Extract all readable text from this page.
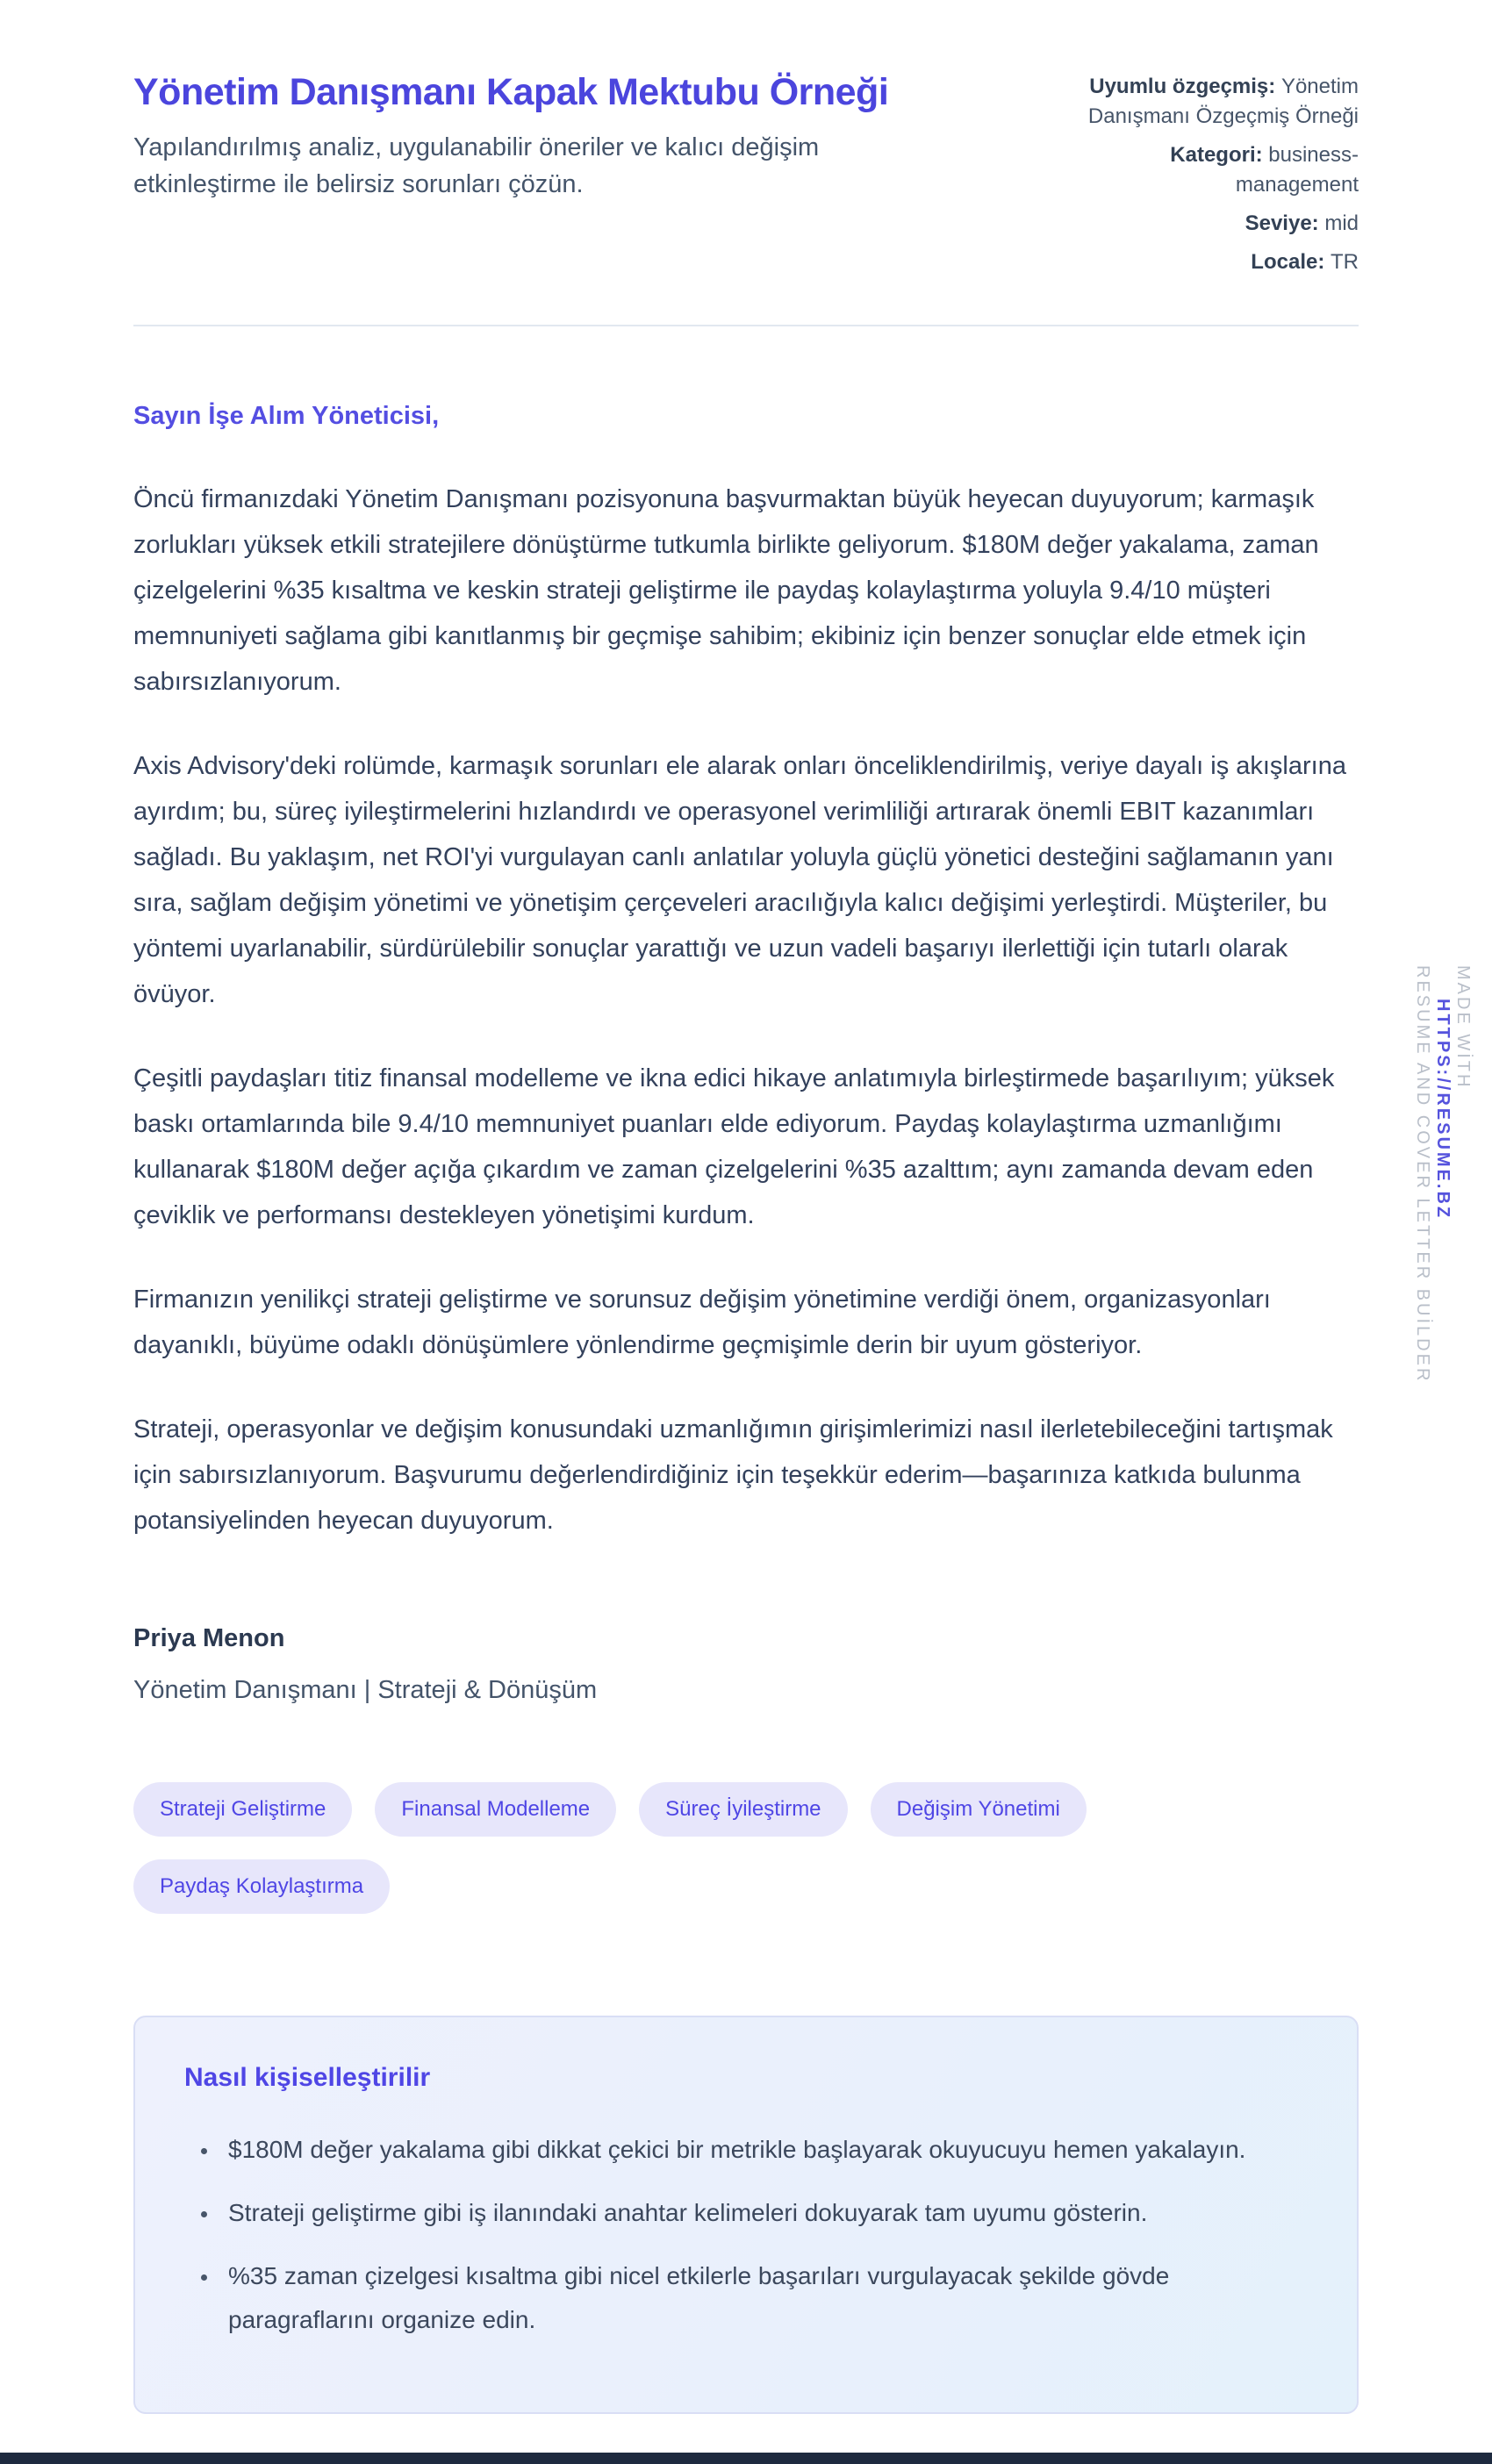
Yönetim Danışmanı Kapak Mektubu Örneği

Yapılandırılmış analiz, uygulanabilir öneriler ve kalıcı değişim etkinleştirme ile belirsiz sorunları çözün.

Uyumlu özgeçmiş: Yönetim Danışmanı Özgeçmiş Örneği
Kategori: business-management
Seviye: mid
Locale: TR

Sayın İşe Alım Yöneticisi,

Öncü firmanızdaki Yönetim Danışmanı pozisyonuna başvurmaktan büyük heyecan duyuyorum; karmaşık zorlukları yüksek etkili stratejilere dönüştürme tutkumla birlikte geliyorum. $180M değer yakalama, zaman çizelgelerini %35 kısaltma ve keskin strateji geliştirme ile paydaş kolaylaştırma yoluyla 9.4/10 müşteri memnuniyeti sağlama gibi kanıtlanmış bir geçmişe sahibim; ekibiniz için benzer sonuçlar elde etmek için sabırsızlanıyorum.

Axis Advisory'deki rolümde, karmaşık sorunları ele alarak onları önceliklendirilmiş, veriye dayalı iş akışlarına ayırdım; bu, süreç iyileştirmelerini hızlandırdı ve operasyonel verimliliği artırarak önemli EBIT kazanımları sağladı. Bu yaklaşım, net ROI'yi vurgulayan canlı anlatılar yoluyla güçlü yönetici desteğini sağlamanın yanı sıra, sağlam değişim yönetimi ve yönetişim çerçeveleri aracılığıyla kalıcı değişimi yerleştirdi. Müşteriler, bu yöntemi uyarlanabilir, sürdürülebilir sonuçlar yarattığı ve uzun vadeli başarıyı ilerlettiği için tutarlı olarak övüyor.

Çeşitli paydaşları titiz finansal modelleme ve ikna edici hikaye anlatımıyla birleştirmede başarılıyım; yüksek baskı ortamlarında bile 9.4/10 memnuniyet puanları elde ediyorum. Paydaş kolaylaştırma uzmanlığımı kullanarak $180M değer açığa çıkardım ve zaman çizelgelerini %35 azalttım; aynı zamanda devam eden çeviklik ve performansı destekleyen yönetişimi kurdum.

Firmanızın yenilikçi strateji geliştirme ve sorunsuz değişim yönetimine verdiği önem, organizasyonları dayanıklı, büyüme odaklı dönüşümlere yönlendirme geçmişimle derin bir uyum gösteriyor.

Strateji, operasyonlar ve değişim konusundaki uzmanlığımın girişimlerimizi nasıl ilerletebileceğini tartışmak için sabırsızlanıyorum. Başvurumu değerlendirdiğiniz için teşekkür ederim—başarınıza katkıda bulunma potansiyelinden heyecan duyuyorum.

Priya Menon

Yönetim Danışmanı | Strateji & Dönüşüm

Strateji Geliştirme	Finansal Modelleme	Süreç İyileştirme	Değişim Yönetimi
Paydaş Kolaylaştırma
Nasıl kişiselleştirilir
• $180M değer yakalama gibi dikkat çekici bir metrikle başlayarak okuyucuyu hemen yakalayın.
• Strateji geliştirme gibi iş ilanındaki anahtar kelimeleri dokuyarak tam uyumu gösterin.
• %35 zaman çizelgesi kısaltma gibi nicel etkilerle başarıları vurgulayacak şekilde gövde paragraflarını organize edin.
MADE WİTH
HTTPS://RESUME.BZ
RESUME AND COVER LETTER BUİLDER
